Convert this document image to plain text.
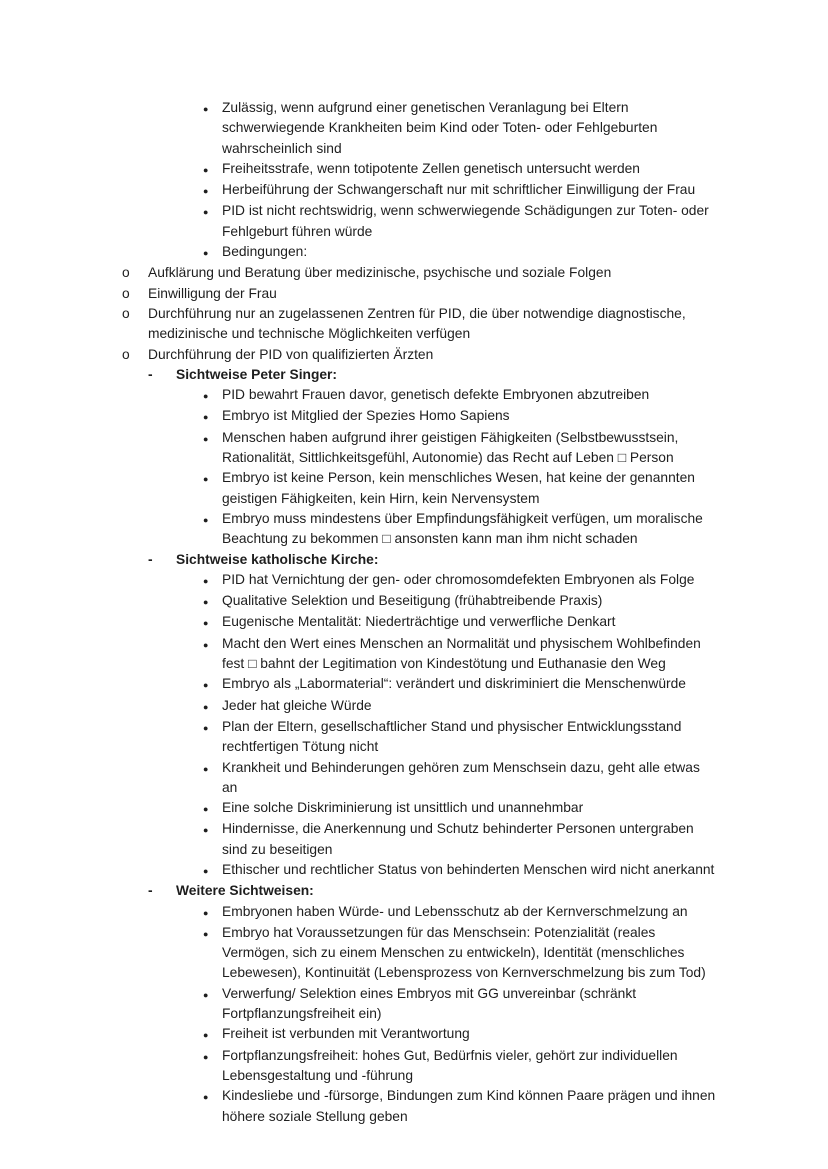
● Zulässig, wenn aufgrund einer genetischen Veranlagung bei Eltern schwerwiegende Krankheiten beim Kind oder Toten- oder Fehlgeburten wahrscheinlich sind
● Freiheitsstrafe, wenn totipotente Zellen genetisch untersucht werden
● Herbeiführung der Schwangerschaft nur mit schriftlicher Einwilligung der Frau
● PID ist nicht rechtswidrig, wenn schwerwiegende Schädigungen zur Toten- oder Fehlgeburt führen würde
● Bedingungen:
o	Aufklärung und Beratung über medizinische, psychische und soziale Folgen
o	Einwilligung der Frau
o	Durchführung nur an zugelassenen Zentren für PID, die über notwendige diagnostische, medizinische und technische Möglichkeiten verfügen
o	Durchführung der PID von qualifizierten Ärzten
-	Sichtweise Peter Singer:
● PID bewahrt Frauen davor, genetisch defekte Embryonen abzutreiben
● Embryo ist Mitglied der Spezies Homo Sapiens
● Menschen haben aufgrund ihrer geistigen Fähigkeiten (Selbstbewusstsein, Rationalität, Sittlichkeitsgefühl, Autonomie) das Recht auf Leben □ Person
● Embryo ist keine Person, kein menschliches Wesen, hat keine der genannten geistigen Fähigkeiten, kein Hirn, kein Nervensystem
● Embryo muss mindestens über Empfindungsfähigkeit verfügen, um moralische Beachtung zu bekommen □ ansonsten kann man ihm nicht schaden
-	Sichtweise katholische Kirche:
● PID hat Vernichtung der gen- oder chromosomdefekten Embryonen als Folge
● Qualitative Selektion und Beseitigung (frühabtreibende Praxis)
● Eugenische Mentalität: Niederträchtige und verwerfliche Denkart
● Macht den Wert eines Menschen an Normalität und physischem Wohlbefinden fest □ bahnt der Legitimation von Kindestötung und Euthanasie den Weg
● Embryo als „Labormaterial“: verändert und diskriminiert die Menschenwürde
● Jeder hat gleiche Würde
● Plan der Eltern, gesellschaftlicher Stand und physischer Entwicklungsstand rechtfertigen Tötung nicht
● Krankheit und Behinderungen gehören zum Menschsein dazu, geht alle etwas an
● Eine solche Diskriminierung ist unsittlich und unannehmbar
● Hindernisse, die Anerkennung und Schutz behinderter Personen untergraben sind zu beseitigen
● Ethischer und rechtlicher Status von behinderten Menschen wird nicht anerkannt
-	Weitere Sichtweisen:
● Embryonen haben Würde- und Lebensschutz ab der Kernverschmelzung an
● Embryo hat Voraussetzungen für das Menschsein: Potenzialität (reales Vermögen, sich zu einem Menschen zu entwickeln), Identität (menschliches Lebewesen), Kontinuität (Lebensprozess von Kernverschmelzung bis zum Tod)
● Verwerfung/ Selektion eines Embryos mit GG unvereinbar (schränkt Fortpflanzungsfreiheit ein)
● Freiheit ist verbunden mit Verantwortung
● Fortpflanzungsfreiheit: hohes Gut, Bedürfnis vieler, gehört zur individuellen Lebensgestaltung und -führung
● Kindesliebe und -fürsorge, Bindungen zum Kind können Paare prägen und ihnen höhere soziale Stellung geben
